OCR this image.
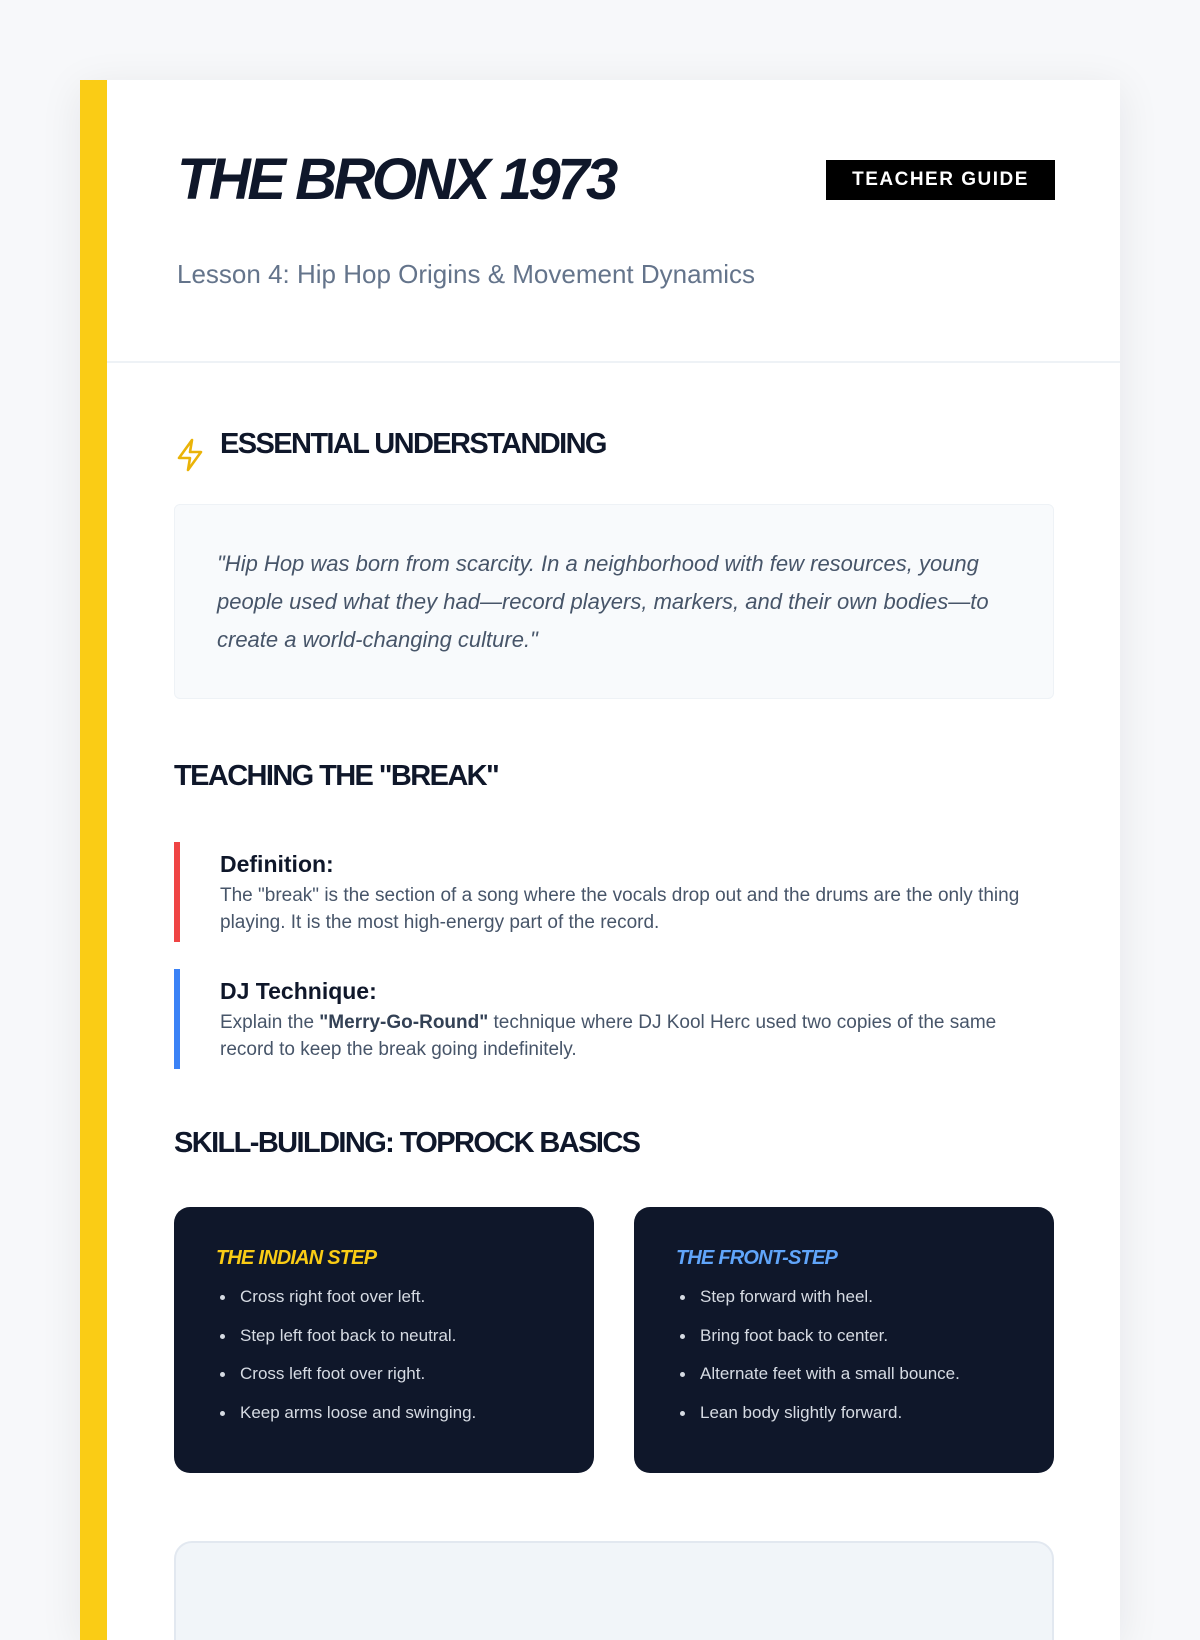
THE BRONX 1973	TEACHER GUIDE

Lesson 4: Hip Hop Origins & Movement Dynamics

ESSENTIAL UNDERSTANDING

"Hip Hop was born from scarcity. In a neighborhood with few resources, young people used what they had—record players, markers, and their own bodies—to create a world-changing culture."

TEACHING THE "BREAK"
Definition:

The "break" is the section of a song where the vocals drop out and the drums are the only thing playing. It is the most high-energy part of the record.

DJ Technique:

Explain the "Merry-Go-Round" technique where DJ Kool Herc used two copies of the same record to keep the break going indefinitely.

SKILL-BUILDING: TOPROCK BASICS
THE INDIAN STEP
Cross right foot over left.
Step left foot back to neutral.
Cross left foot over right.
Keep arms loose and swinging.
THE FRONT-STEP
Step forward with heel.
Bring foot back to center.
Alternate feet with a small bounce.
Lean body slightly forward.
